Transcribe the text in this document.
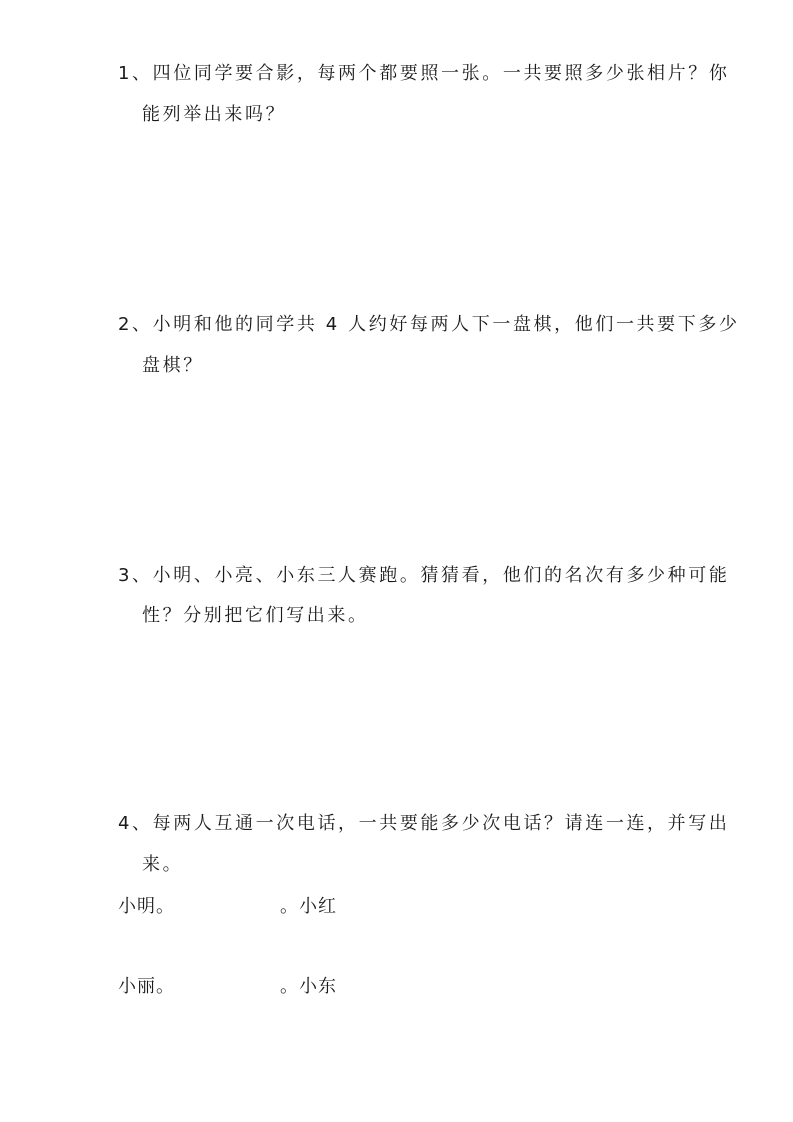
1、四位同学要合影，每两个都要照一张。一共要照多少张相片？你
能列举出来吗？
2、小明和他的同学共 4 人约好每两人下一盘棋，他们一共要下多少
盘棋？
3、小明、小亮、小东三人赛跑。猜猜看，他们的名次有多少种可能
性？分别把它们写出来。
4、每两人互通一次电话，一共要能多少次电话？请连一连，并写出
来。
小明。	。小红
小丽。	。小东
